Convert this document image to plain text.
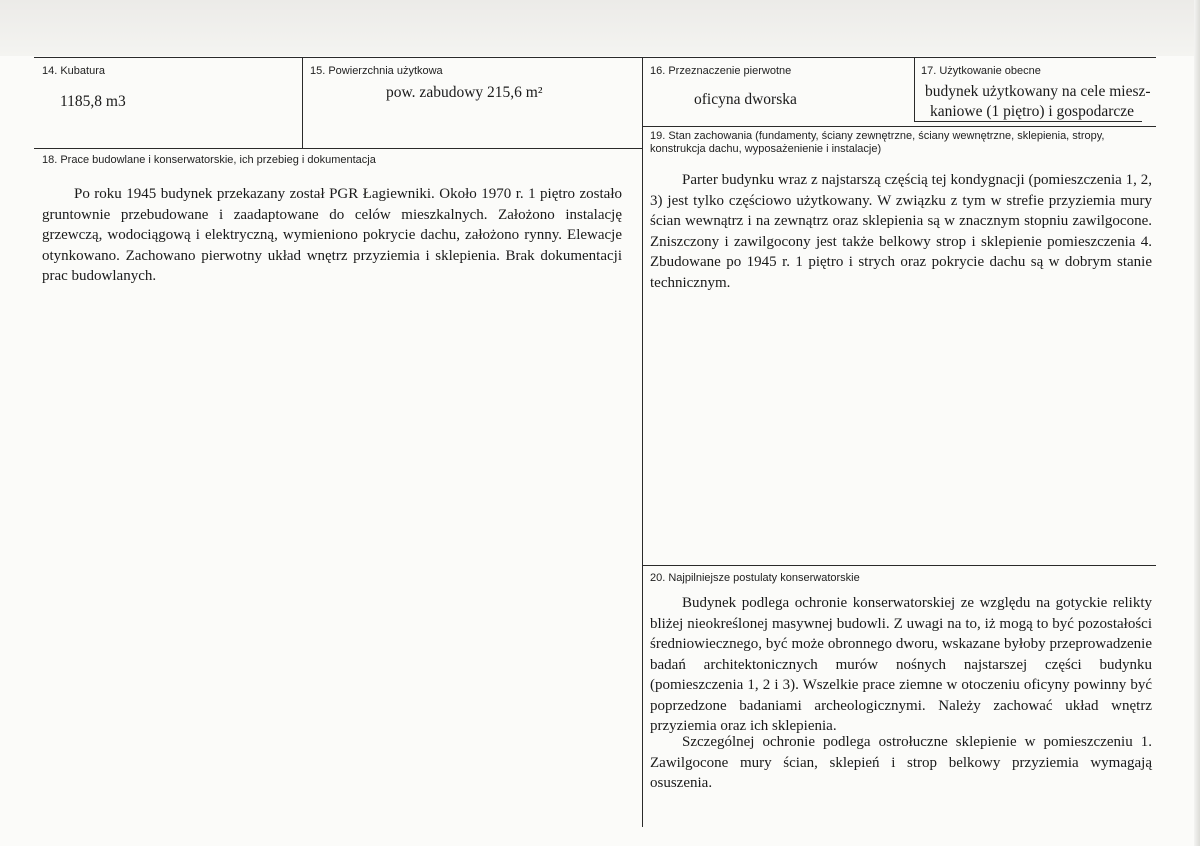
14. Kubatura
1185,8 m3
15. Powierzchnia użytkowa
pow. zabudowy 215,6 m²
16. Przeznaczenie pierwotne
oficyna dworska
17. Użytkowanie obecne
budynek użytkowany na cele miesz-
kaniowe (1 piętro) i gospodarcze
18. Prace budowlane i konserwatorskie, ich przebieg i dokumentacja

Po roku 1945 budynek przekazany został PGR Łagiewniki. Około 1970 r. 1 piętro zostało gruntownie przebudowane i zaadaptowane do celów mieszkalnych. Założono instalację grzewczą, wodociągową i elektryczną, wymieniono pokrycie dachu, założono rynny. Elewacje otynkowano. Zachowano pierwotny układ wnętrz przyziemia i sklepienia. Brak dokumentacji prac budowlanych.

19. Stan zachowania (fundamenty, ściany zewnętrzne, ściany wewnętrzne, sklepienia, stropy, konstrukcja dachu, wyposażenienie i instalacje)

Parter budynku wraz z najstarszą częścią tej kondygnacji (pomieszczenia 1, 2, 3) jest tylko częściowo użytkowany. W związku z tym w strefie przyziemia mury ścian wewnątrz i na zewnątrz oraz sklepienia są w znacznym stopniu zawilgocone. Zniszczony i zawilgocony jest także belkowy strop i sklepienie pomieszczenia 4. Zbudowane po 1945 r. 1 piętro i strych oraz pokrycie dachu są w dobrym stanie technicznym.

20. Najpilniejsze postulaty konserwatorskie

Budynek podlega ochronie konserwatorskiej ze względu na gotyckie relikty bliżej nieokreślonej masywnej budowli. Z uwagi na to, iż mogą to być pozostałości średniowiecznego, być może obronnego dworu, wskazane byłoby przeprowadzenie badań architektonicznych murów nośnych najstarszej części budynku (pomieszczenia 1, 2 i 3). Wszelkie prace ziemne w otoczeniu oficyny powinny być poprzedzone badaniami archeologicznymi. Należy zachować układ wnętrz przyziemia oraz ich sklepienia.

Szczególnej ochronie podlega ostrołuczne sklepienie w pomieszczeniu 1. Zawilgocone mury ścian, sklepień i strop belkowy przyziemia wymagają osuszenia.
